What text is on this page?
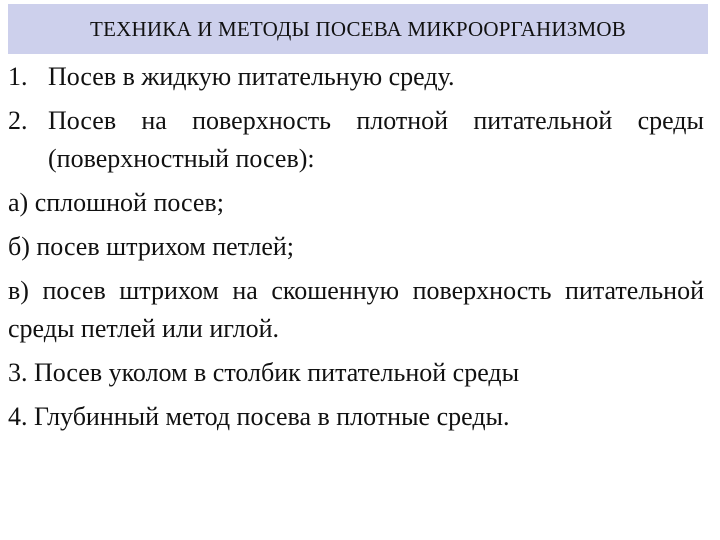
ТЕХНИКА И МЕТОДЫ ПОСЕВА МИКРООРГАНИЗМОВ
1. Посев в жидкую питательную среду.
2. Посев на поверхность плотной питательной среды (поверхностный посев):
а) сплошной посев;
б) посев штрихом петлей;
в) посев штрихом на скошенную поверхность питательной среды петлей или иглой.
3. Посев уколом в столбик питательной среды
4. Глубинный метод посева в плотные среды.
